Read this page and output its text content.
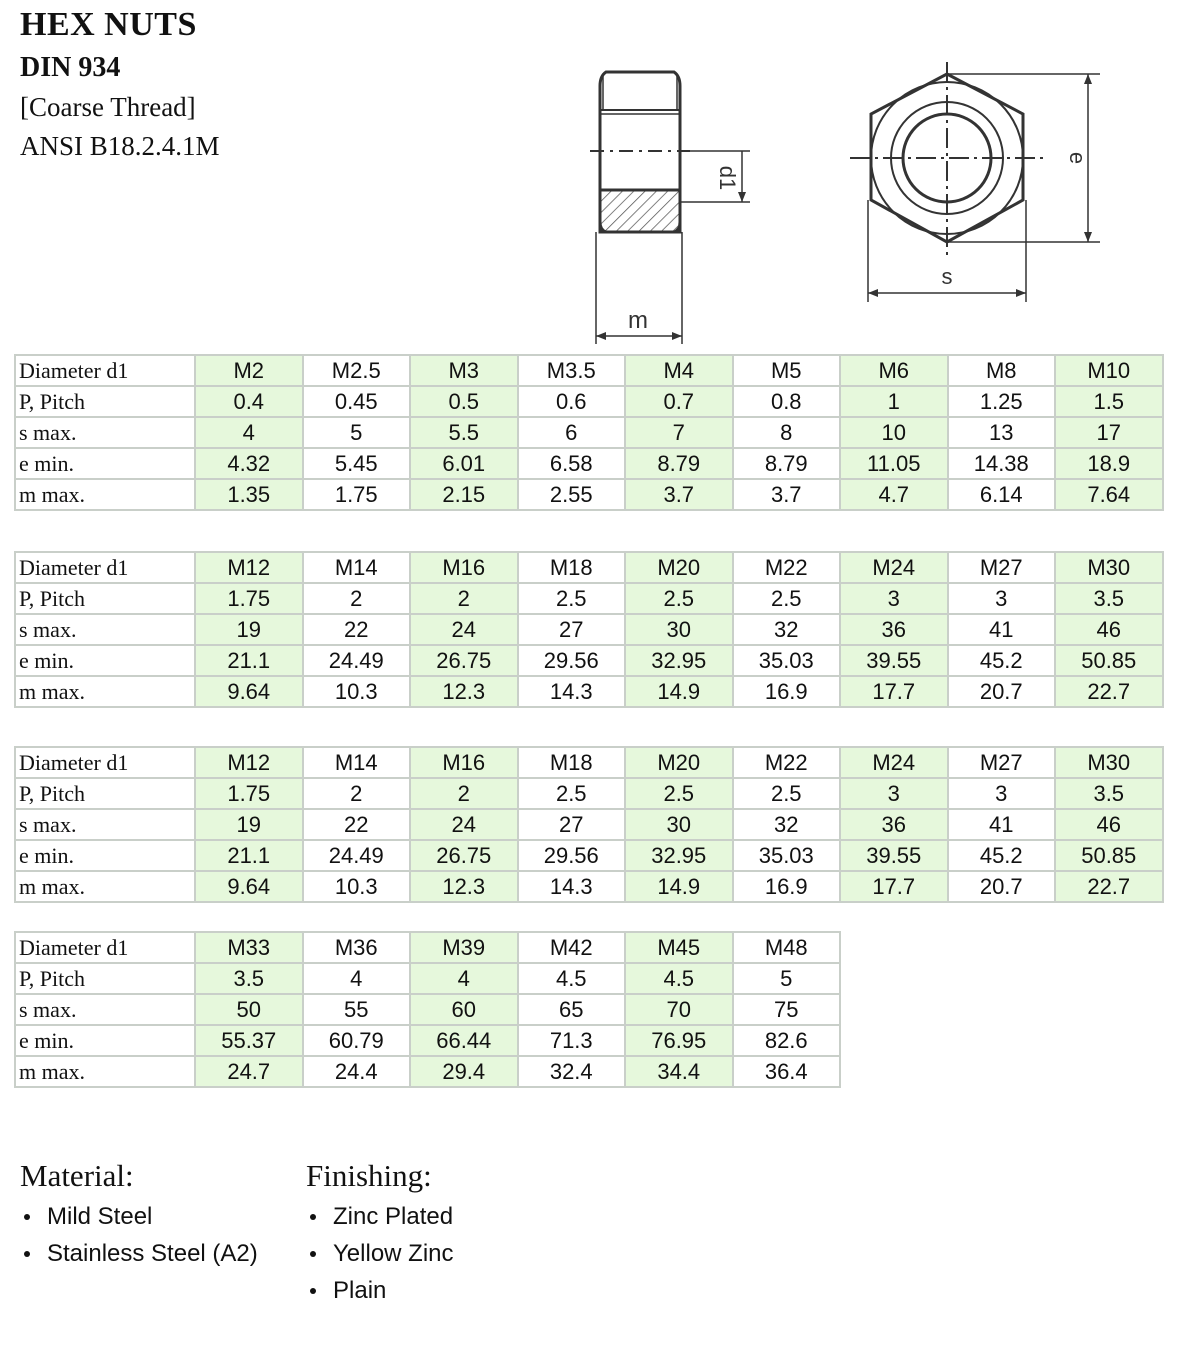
HEX NUTS
DIN 934
[Coarse Thread]
ANSI B18.2.4.1M
m
d1
s
e
Diameter d1	M2	M2.5	M3	M3.5	M4	M5	M6	M8	M10
P, Pitch	0.4	0.45	0.5	0.6	0.7	0.8	1	1.25	1.5
s max.	4	5	5.5	6	7	8	10	13	17
e min.	4.32	5.45	6.01	6.58	8.79	8.79	11.05	14.38	18.9
m max.	1.35	1.75	2.15	2.55	3.7	3.7	4.7	6.14	7.64
Diameter d1	M12	M14	M16	M18	M20	M22	M24	M27	M30
P, Pitch	1.75	2	2	2.5	2.5	2.5	3	3	3.5
s max.	19	22	24	27	30	32	36	41	46
e min.	21.1	24.49	26.75	29.56	32.95	35.03	39.55	45.2	50.85
m max.	9.64	10.3	12.3	14.3	14.9	16.9	17.7	20.7	22.7
Diameter d1	M12	M14	M16	M18	M20	M22	M24	M27	M30
P, Pitch	1.75	2	2	2.5	2.5	2.5	3	3	3.5
s max.	19	22	24	27	30	32	36	41	46
e min.	21.1	24.49	26.75	29.56	32.95	35.03	39.55	45.2	50.85
m max.	9.64	10.3	12.3	14.3	14.9	16.9	17.7	20.7	22.7
Diameter d1	M33	M36	M39	M42	M45	M48
P, Pitch	3.5	4	4	4.5	4.5	5
s max.	50	55	60	65	70	75
e min.	55.37	60.79	66.44	71.3	76.95	82.6
m max.	24.7	24.4	29.4	32.4	34.4	36.4
Material:
Mild Steel
Stainless Steel (A2)
Finishing:
Zinc Plated
Yellow Zinc
Plain
